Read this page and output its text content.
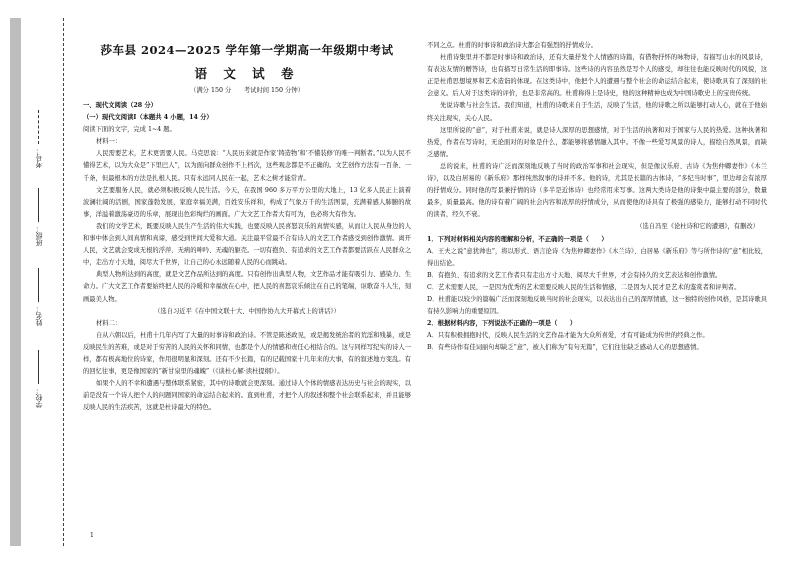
学校：
姓名：
班级：
考号：
莎车县 2024—2025 学年第一学期高一年级期中考试
语 文 试 卷
（满分 150 分　　考试时间 150 分钟）

一、现代文阅读（28 分）

（一）现代文阅读Ⅰ（本题共 4 小题，14 分）

阅读下面的文字，完成 1~4 题。

材料一：

人民需要艺术，艺术更需要人民。马克思说：“人民历来就是作家‘铸造物’和‘不懂装修’的唯一判断者。”以为人民不懂得艺术，以为大众是“下里巴人”，以为面向群众创作不上档次，这些观念都是不正确的。文艺创作方法有一百条、一千条，但最根本的方法是扎根人民。只有永远同人民在一起，艺术之树才能常青。

文艺要服务人民，就必须积极反映人民生活。今天，在我国 960 多万平方公里的大地上，13 亿多人民正上演着波澜壮阔的活剧，国家蓬勃发展，家庭幸福美满，百姓安乐祥和，构成了气象万千的生活图景，充满着感人肺腑的故事，洋溢着激荡豪迈的乐章，展现出色彩绚烂的画面。广大文艺工作者大有可为，也必将大有作为。

我们的文学艺术，既要反映人民生产生活的伟大实践，也要反映人民喜怒哀乐的真情实感，从而让人民从身边的人和事中体会到人间真情和真谛，感受到世间大爱和大道。关注最平常最不合有诗人的文艺工作者感受到创作激情。离开人民，文艺就会变成无根的浮萍、无病的呻吟、无魂的躯壳。一切有抱负、有追求的文艺工作者都要活跃在人民群众之中，走出方寸天地，阅尽大千世界，让自己的心永远随着人民的心而跳动。

典型人物所达到的高度，就是文艺作品所达到的高度。只有创作出典型人物，文艺作品才能有吸引力、感染力、生命力。广大文艺工作者要始终把人民的冷暖和幸福放在心中，把人民的喜怒哀乐倾注在自己的笔端，讴歌奋斗人生，刻画最美人物。

（选自习近平《在中国文联十大、中国作协九大开幕式上的讲话》）

材料二：

自从六朝以后，杜甫十几年内写了大量的时事诗和政治诗。不管是陈述政见，或是揭发统治者的荒淫和残暴，或是反映民生的苦难，或是对于穷苦的人民的关怀和同情，也都是个人的情感和责任心相结合的。这与同样写纪实的诗人一样，都有极高地位的诗家，作用很明显和深刻。还有不少长篇，有的记载国家十几年来的大事，有的叙述地方变乱。有的回忆往事，更是像国家的“新甘泉里的魂魄”（《谈杜心解·读杜提纲》）。

如果个人的不幸和遭遇与整体联系紧密，其中的诗歌就会更深刻。通过诗人个体的情感表达历史与社会的现实，以前是没有一个诗人把个人的问题同国家的命运结合起来的。直到杜甫，才把个人的叙述和整个社会联系起来，并且能够反映人民的生活疾苦，这就是杜诗最大的特色。

不同之点。杜甫的时事诗和政治诗大都会有强烈的抒情成分。

杜甫诗集里并不都是时事诗和政治诗，还有大量抒发个人情感的诗篇，有借物抒怀的咏物诗，有描写山水的风景诗，有表达友情的赠答诗，也有描写日常生活的即事诗。这些诗的内容虽然是写个人的感受，却往往也能反映时代的风貌，这正是杜甫思想境界和艺术造诣的体现。在这类诗中，他把个人的遭遇与整个社会的命运结合起来，使诗歌具有了深刻的社会意义。后人对于这类诗的评价，也是非常高的。杜甫称得上是诗史，他的这种精神也成为中国诗歌史上的宝贵传统。

先说诗歌与社会生活。我们知道，杜甫的诗歌来自于生活，反映了生活，他的诗歌之所以能够打动人心，就在于他始终关注现实，关心人民。

这里所说的“意”，对于杜甫来说，就是诗人深厚的思想感情，对于生活的执著和对于国家与人民的热爱。这种执著和热爱，作者在写诗时，无论面对的对象是什么，都能够将感情融入其中。不像一些爱写风景的诗人，描绘自然风景，而缺乏感情。

总的说来，杜甫的诗广泛而深刻地反映了当时的政治军事和社会现实，但是像汉乐府、古诗《为焦仲卿妻作》《木兰诗》，以及白居易的《新乐府》那样纯然叙事的诗并不多。他的诗，尤其是长篇的古体诗，“多纪当时事”，里边却会有浓厚的抒情成分。同时他的写景兼抒情的诗（多半是近体诗）也经常用来写事。这两大类诗是他的诗集中最主要的部分，数量最多，质量最高。他的诗有着广阔的社会内容和浓厚的抒情成分，从而使他的诗具有了极强的感染力，能够打动不同时代的读者，经久不衰。

（选自冯至《论杜诗和它的遭遇》，有删改）

1．下列对材料相关内容的理解和分析，不正确的一项是（　　）

A．王夫之说“意犹帅也”，将以形式、语言论诗《为焦仲卿妻作》《木兰诗》、白居易《新乐府》等与所作诗的“意”相比较，得出结论。

B．有抱负、有追求的文艺工作者只有走出方寸天地、阅尽大千世界，才会有持久的文艺表达和创作激情。

C．艺术需要人民，一是因为优秀的艺术需要反映人民的生活和情感，二是因为人民才是艺术的鉴赏者和评判者。

D．杜甫能以较少的篇幅广泛而深刻地反映当时的社会现实，以表达出自己的深厚情感，这一独特的创作风格，是其诗歌具有持久影响力的重要原因。

2．根据材料内容，下列说法不正确的一项是（　　）

A．只有积极拥抱时代，反映人民生活的文艺作品才能为大众所喜爱，才有可能成为传世的经典之作。

B．有些诗作有佳词丽句却缺乏“意”，被人们称为“有句无篇”，它们往往缺乏感动人心的思想感情。

1
